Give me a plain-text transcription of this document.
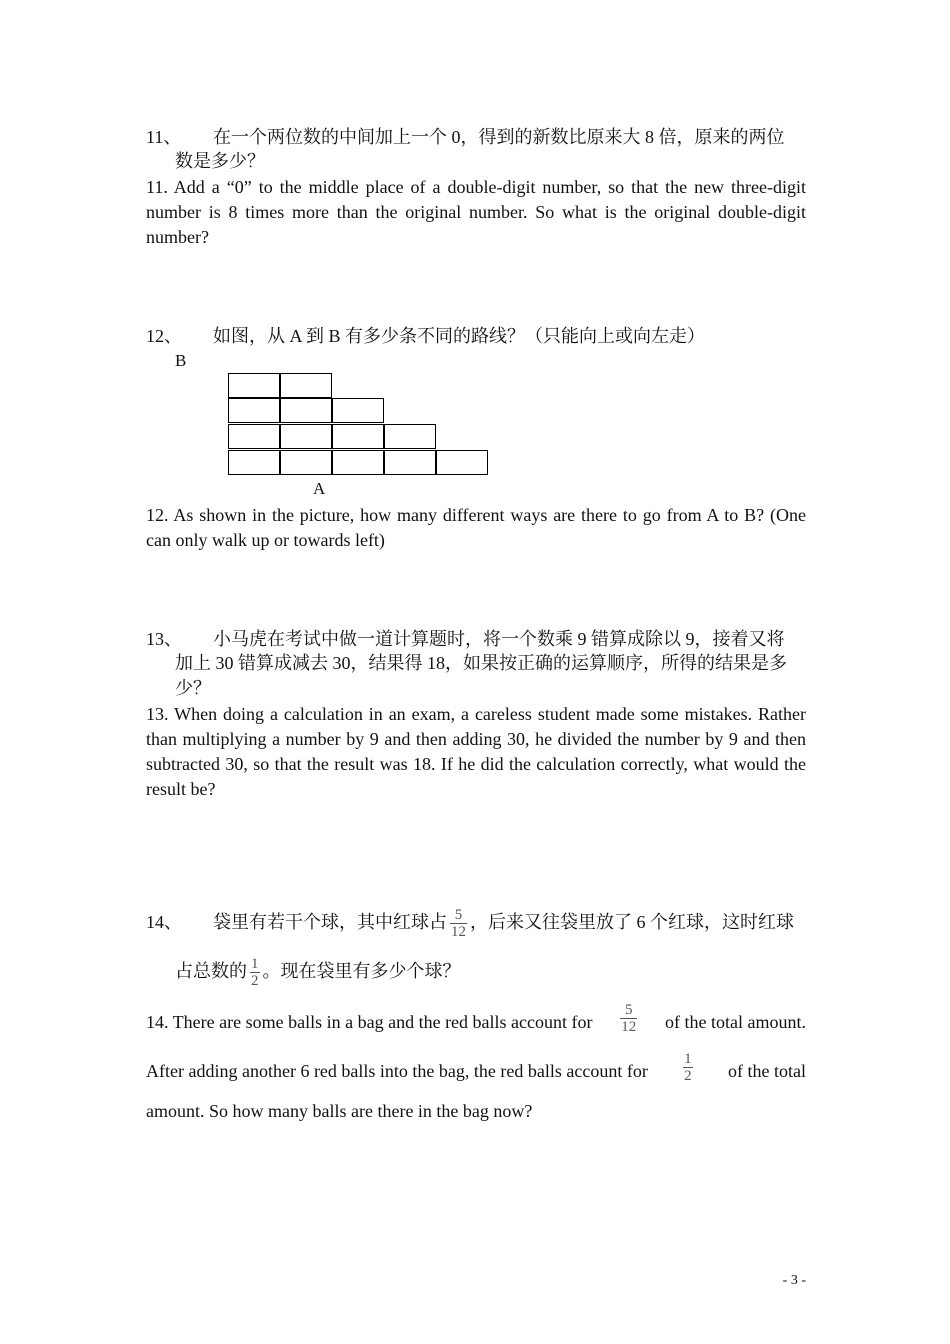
11、 在一个两位数的中间加上一个 0，得到的新数比原来大 8 倍，原来的两位
数是多少？
11. Add a “0” to the middle place of a double-digit number, so that the new three-digit number is 8 times more than the original number. So what is the original double-digit number?
12、 如图，从 A 到 B 有多少条不同的路线？（只能向上或向左走）
B
A
12. As shown in the picture, how many different ways are there to go from A to B? (One can only walk up or towards left)
13、 小马虎在考试中做一道计算题时，将一个数乘 9 错算成除以 9，接着又将
加上 30 错算成减去 30，结果得 18，如果按正确的运算顺序，所得的结果是多
少？
13. When doing a calculation in an exam, a careless student made some mistakes. Rather than multiplying a number by 9 and then adding 30, he divided the number by 9 and then subtracted 30, so that the result was 18. If he did the calculation correctly, what would the result be?
14、 袋里有若干个球，其中红球占 $\frac{5}{12}$ ，后来又往袋里放了 6 个红球，这时红球
占总数的 $\frac{1}{2}$ 。现在袋里有多少个球？
14. There are some balls in a bag and the red balls account for $\frac{5}{12}$ of the total amount.
After adding another 6 red balls into the bag, the red balls account for $\frac{1}{2}$ of the total
amount. So how many balls are there in the bag now?
- 3 -
